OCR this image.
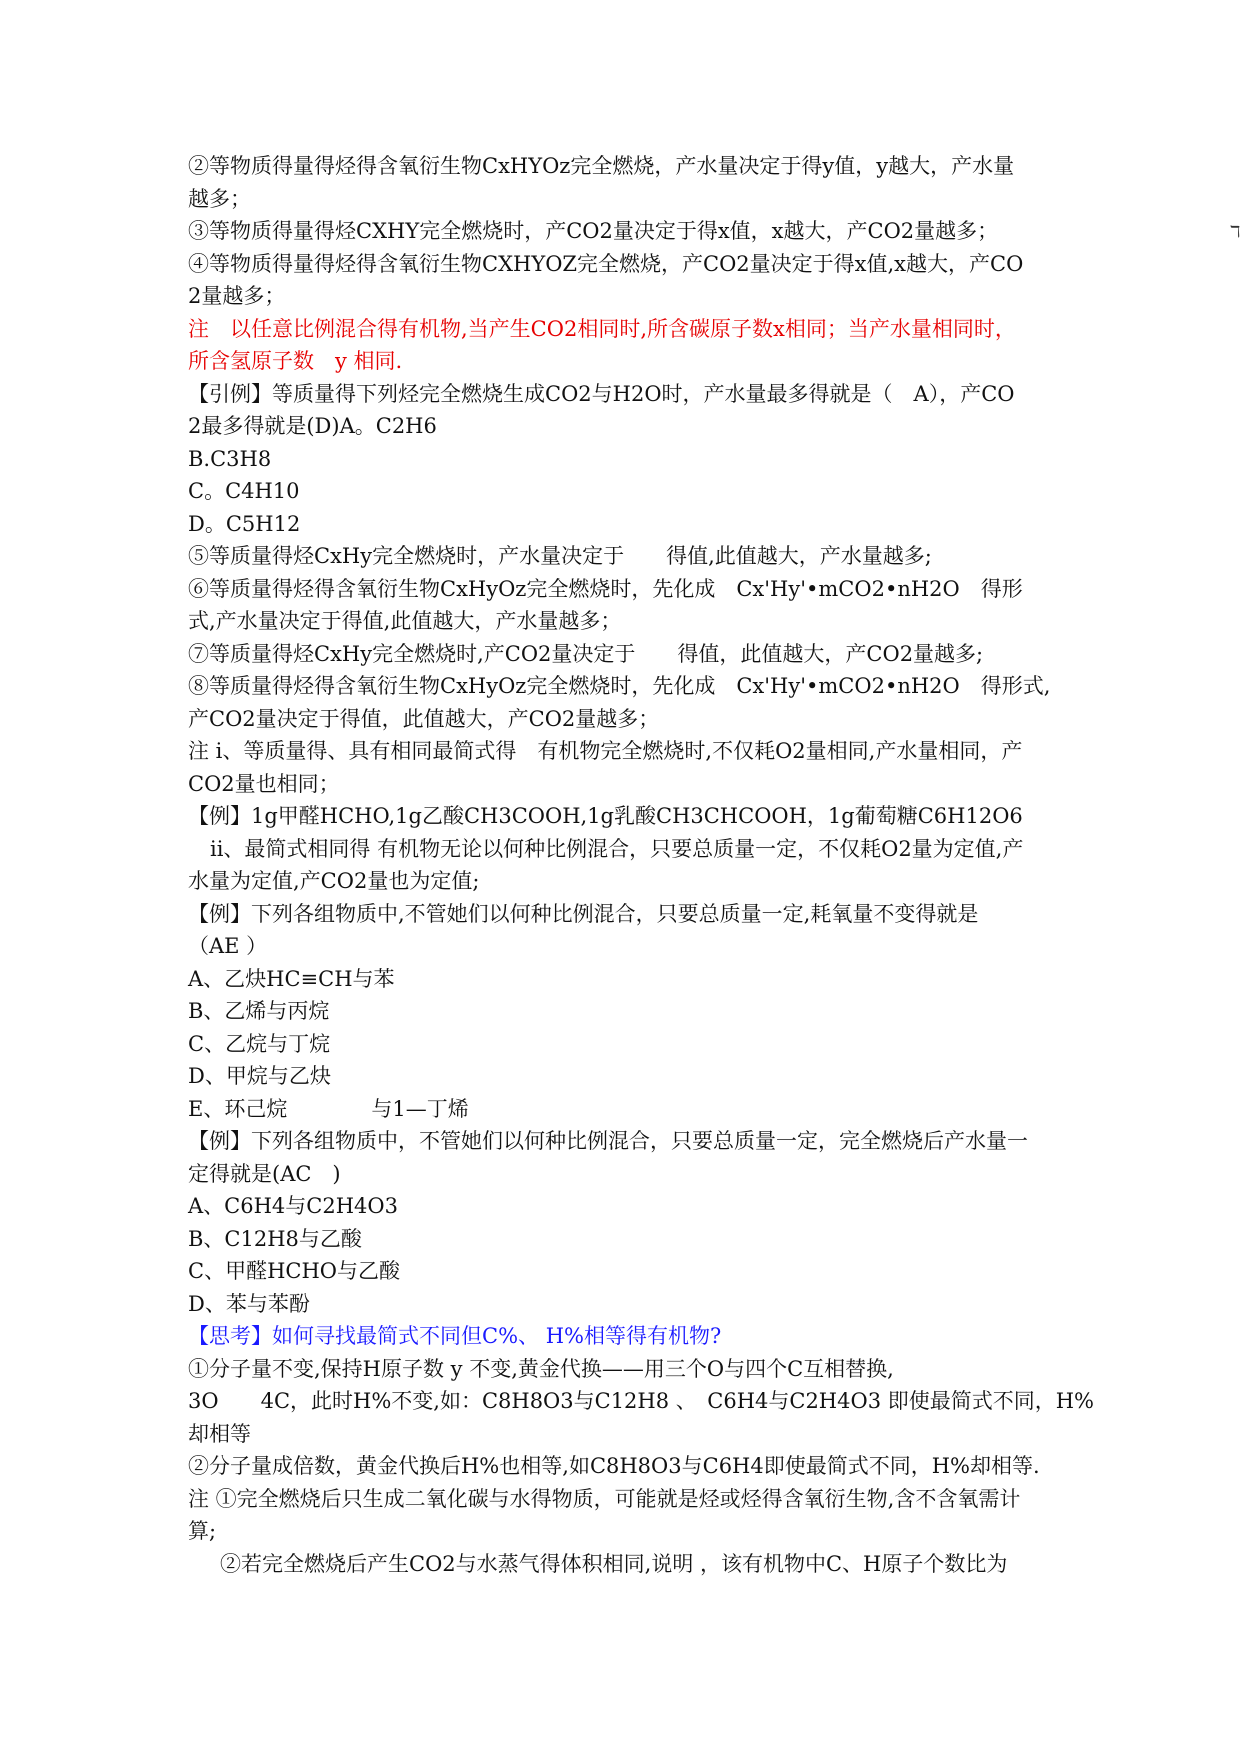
ℸ
②等物质得量得烃得含氧衍生物CxHYOz完全燃烧，产水量决定于得y值，y越大，产水量
越多；
③等物质得量得烃CXHY完全燃烧时，产CO2量决定于得x值，x越大，产CO2量越多；
④等物质得量得烃得含氧衍生物CXHYOZ完全燃烧，产CO2量决定于得x值,x越大，产CO
2量越多；
注　以任意比例混合得有机物,当产生CO2相同时,所含碳原子数x相同；当产水量相同时，
所含氢原子数　y 相同.
【引例】等质量得下列烃完全燃烧生成CO2与H2O时，产水量最多得就是（　A），产CO
2最多得就是(D)A。C2H6
B.C3H8
C。C4H10
D。C5H12
⑤等质量得烃CxHy完全燃烧时，产水量决定于　　得值,此值越大，产水量越多;
⑥等质量得烃得含氧衍生物CxHyOz完全燃烧时，先化成　Cx'Hy'•mCO2•nH2O　得形
式,产水量决定于得值,此值越大，产水量越多；
⑦等质量得烃CxHy完全燃烧时,产CO2量决定于　　得值，此值越大，产CO2量越多;
⑧等质量得烃得含氧衍生物CxHyOz完全燃烧时，先化成　Cx'Hy'•mCO2•nH2O　得形式,
产CO2量决定于得值，此值越大，产CO2量越多；
注 i、等质量得、具有相同最简式得　有机物完全燃烧时,不仅耗O2量相同,产水量相同，产
CO2量也相同；
【例】1g甲醛HCHO,1g乙酸CH3COOH,1g乳酸CH3CHCOOH，1g葡萄糖C6H12O6
ii、最简式相同得 有机物无论以何种比例混合，只要总质量一定，不仅耗O2量为定值,产
水量为定值,产CO2量也为定值;
【例】下列各组物质中,不管她们以何种比例混合，只要总质量一定,耗氧量不变得就是
（AE ）
A、乙炔HC≡CH与苯
B、乙烯与丙烷
C、乙烷与丁烷
D、甲烷与乙炔
E、环己烷　　　　与1—丁烯
【例】下列各组物质中，不管她们以何种比例混合，只要总质量一定，完全燃烧后产水量一
定得就是(AC　)
A、C6H4与C2H4O3
B、C12H8与乙酸
C、甲醛HCHO与乙酸
D、苯与苯酚
【思考】如何寻找最简式不同但C%、 H%相等得有机物?
①分子量不变,保持H原子数 y 不变,黄金代换——用三个O与四个C互相替换,
3O　　4C，此时H%不变,如：C8H8O3与C12H8 、　C6H4与C2H4O3 即使最简式不同，H%
却相等
②分子量成倍数，黄金代换后H%也相等,如C8H8O3与C6H4即使最简式不同，H%却相等.
注 ①完全燃烧后只生成二氧化碳与水得物质，可能就是烃或烃得含氧衍生物,含不含氧需计
算;
②若完全燃烧后产生CO2与水蒸气得体积相同,说明 ，该有机物中C、H原子个数比为
